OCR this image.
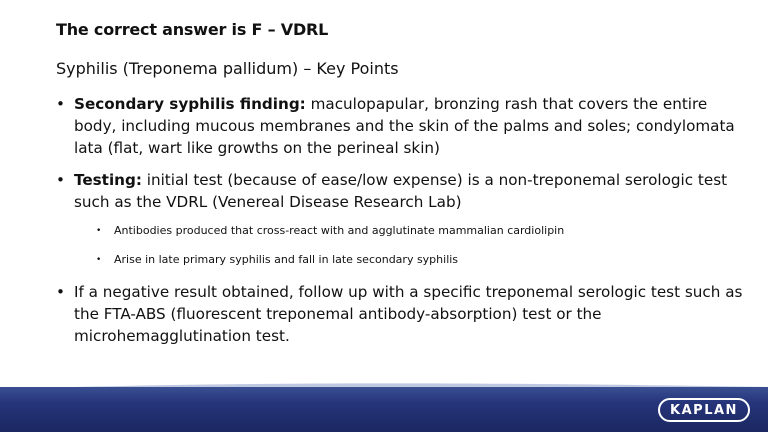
The correct answer is F – VDRL
Syphilis (Treponema pallidum) – Key Points
• Secondary syphilis finding: maculopapular, bronzing rash that covers the entire body, including mucous membranes and the skin of the palms and soles; condylomata lata (flat, wart like growths on the perineal skin)
• Testing: initial test (because of ease/low expense) is a non-treponemal serologic test such as the VDRL (Venereal Disease Research Lab)
• Antibodies produced that cross-react with and agglutinate mammalian cardiolipin
• Arise in late primary syphilis and fall in late secondary syphilis
• If a negative result obtained, follow up with a specific treponemal serologic test such as the FTA-ABS (fluorescent treponemal antibody-absorption) test or the microhemagglutination test.
KAPLAN
